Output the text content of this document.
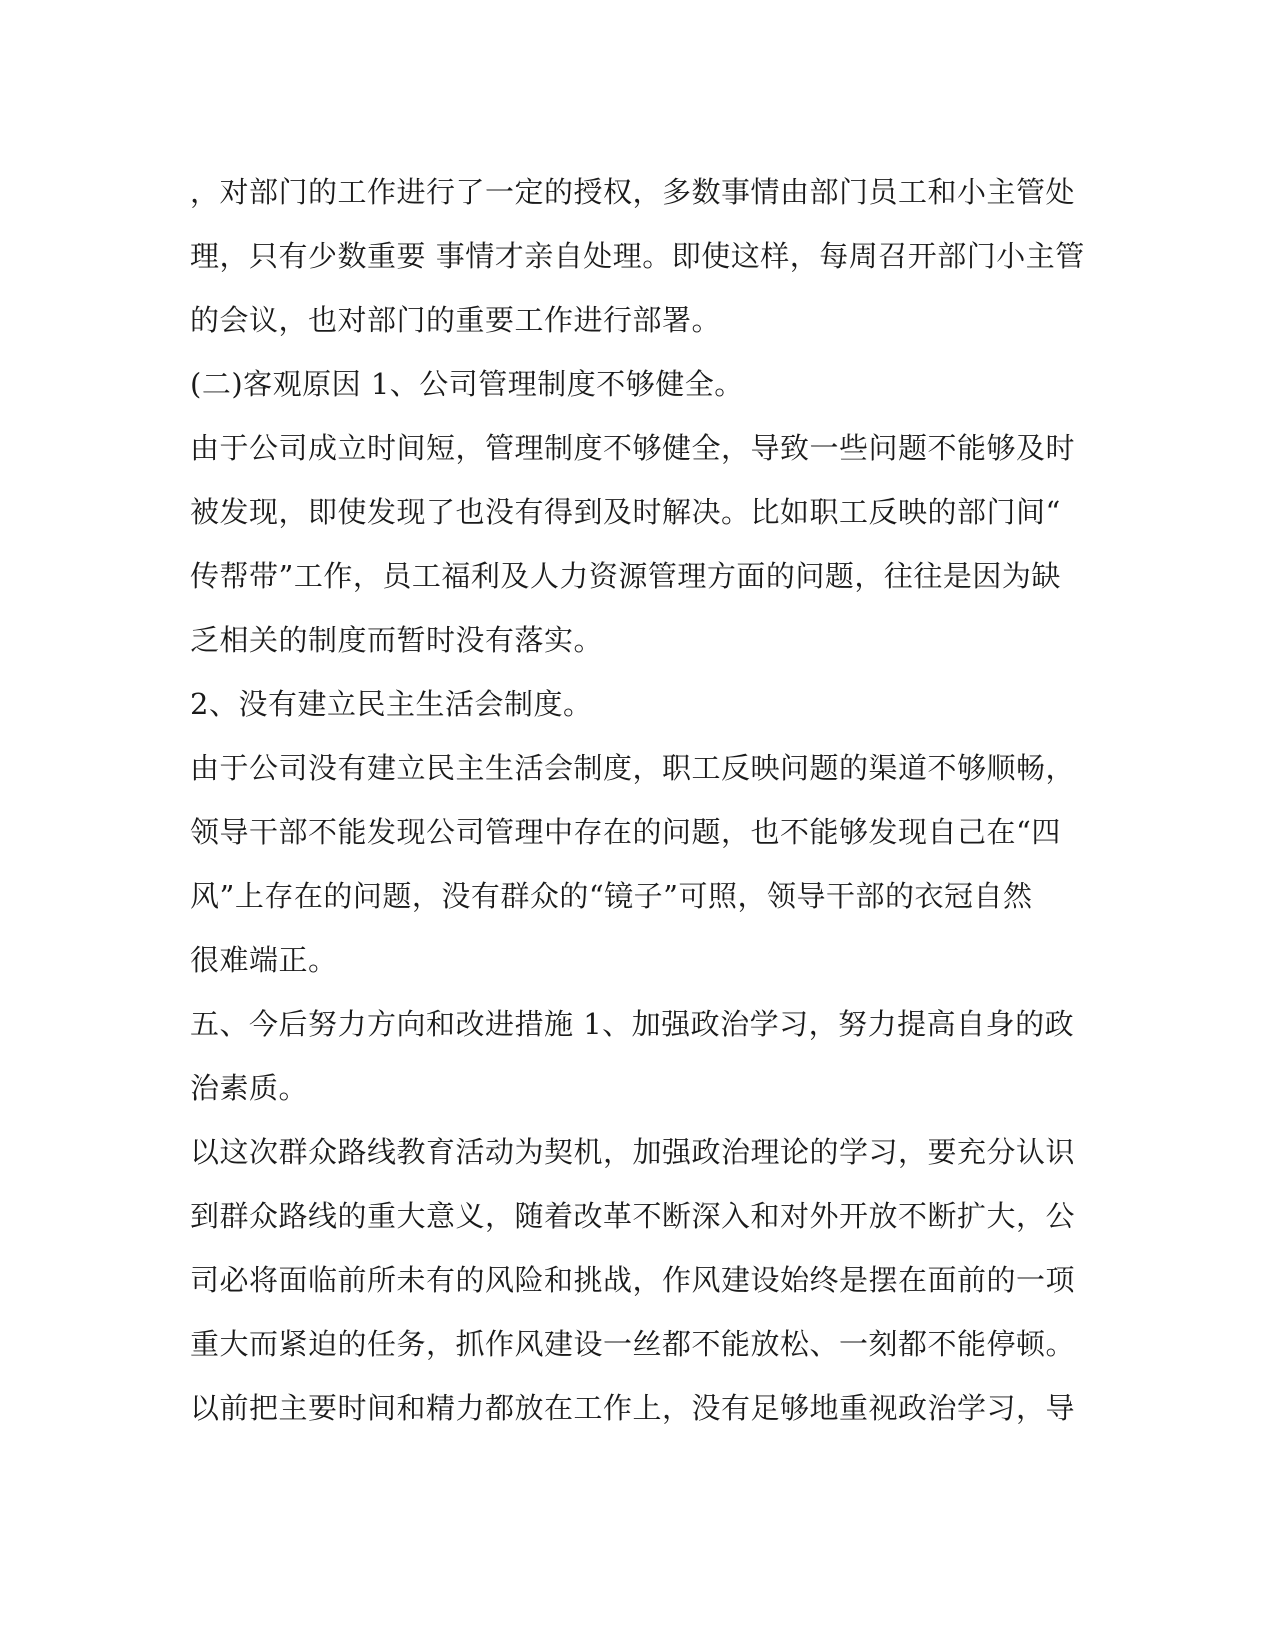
，对部门的工作进行了一定的授权，多数事情由部门员工和小主管处
理，只有少数重要 事情才亲自处理。即使这样，每周召开部门小主管
的会议，也对部门的重要工作进行部署。
(二)客观原因 1、公司管理制度不够健全。
由于公司成立时间短，管理制度不够健全，导致一些问题不能够及时
被发现，即使发现了也没有得到及时解决。比如职工反映的部门间“
传帮带”工作，员工福利及人力资源管理方面的问题，往往是因为缺
乏相关的制度而暂时没有落实。
2、没有建立民主生活会制度。
由于公司没有建立民主生活会制度，职工反映问题的渠道不够顺畅，
领导干部不能发现公司管理中存在的问题，也不能够发现自己在“四
风”上存在的问题，没有群众的“镜子”可照，领导干部的衣冠自然
很难端正。
五、今后努力方向和改进措施 1、加强政治学习，努力提高自身的政
治素质。
以这次群众路线教育活动为契机，加强政治理论的学习，要充分认识
到群众路线的重大意义，随着改革不断深入和对外开放不断扩大，公
司必将面临前所未有的风险和挑战，作风建设始终是摆在面前的一项
重大而紧迫的任务，抓作风建设一丝都不能放松、一刻都不能停顿。
以前把主要时间和精力都放在工作上，没有足够地重视政治学习，导
